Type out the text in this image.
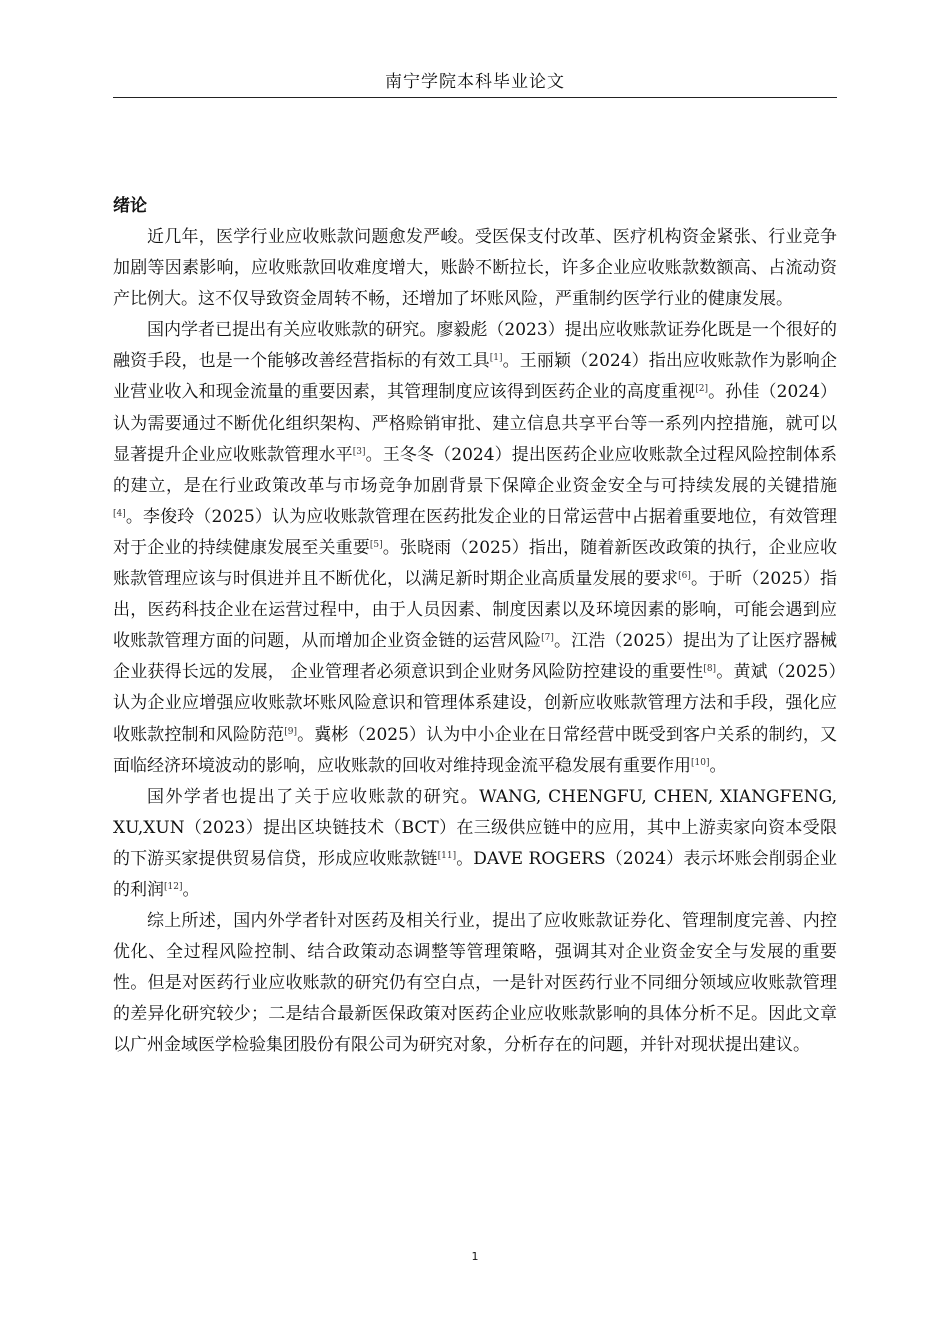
南宁学院本科毕业论文
绪论

近几年，医学行业应收账款问题愈发严峻。受医保支付改革、医疗机构资金紧张、行业竞争加剧等因素影响，应收账款回收难度增大，账龄不断拉长，许多企业应收账款数额高、占流动资产比例大。这不仅导致资金周转不畅，还增加了坏账风险，严重制约医学行业的健康发展。

国内学者已提出有关应收账款的研究。廖毅彪（2023）提出应收账款证券化既是一个很好的融资手段，也是一个能够改善经营指标的有效工具[1]。王丽颖（2024）指出应收账款作为影响企业营业收入和现金流量的重要因素，其管理制度应该得到医药企业的高度重视[2]。孙佳（2024）认为需要通过不断优化组织架构、严格赊销审批、建立信息共享平台等一系列内控措施，就可以显著提升企业应收账款管理水平[3]。王冬冬（2024）提出医药企业应收账款全过程风险控制体系的建立，是在行业政策改革与市场竞争加剧背景下保障企业资金安全与可持续发展的关键措施[4]。李俊玲（2025）认为应收账款管理在医药批发企业的日常运营中占据着重要地位，有效管理对于企业的持续健康发展至关重要[5]。张晓雨（2025）指出，随着新医改政策的执行，企业应收账款管理应该与时俱进并且不断优化，以满足新时期企业高质量发展的要求[6]。于昕（2025）指出，医药科技企业在运营过程中，由于人员因素、制度因素以及环境因素的影响，可能会遇到应收账款管理方面的问题，从而增加企业资金链的运营风险[7]。江浩（2025）提出为了让医疗器械企业获得长远的发展， 企业管理者必须意识到企业财务风险防控建设的重要性[8]。黄斌（2025）认为企业应增强应收账款坏账风险意识和管理体系建设，创新应收账款管理方法和手段，强化应收账款控制和风险防范[9]。冀彬（2025）认为中小企业在日常经营中既受到客户关系的制约，又面临经济环境波动的影响，应收账款的回收对维持现金流平稳发展有重要作用[10]。

国外学者也提出了关于应收账款的研究。WANG, CHENGFU, CHEN, XIANGFENG, XU,XUN（2023）提出区块链技术（BCT）在三级供应链中的应用，其中上游卖家向资本受限的下游买家提供贸易信贷，形成应收账款链[11]。DAVE ROGERS（2024）表示坏账会削弱企业的利润[12]。

综上所述，国内外学者针对医药及相关行业，提出了应收账款证券化、管理制度完善、内控优化、全过程风险控制、结合政策动态调整等管理策略，强调其对企业资金安全与发展的重要性。但是对医药行业应收账款的研究仍有空白点，一是针对医药行业不同细分领域应收账款管理的差异化研究较少；二是结合最新医保政策对医药企业应收账款影响的具体分析不足。因此文章以广州金域医学检验集团股份有限公司为研究对象，分析存在的问题，并针对现状提出建议。

1
